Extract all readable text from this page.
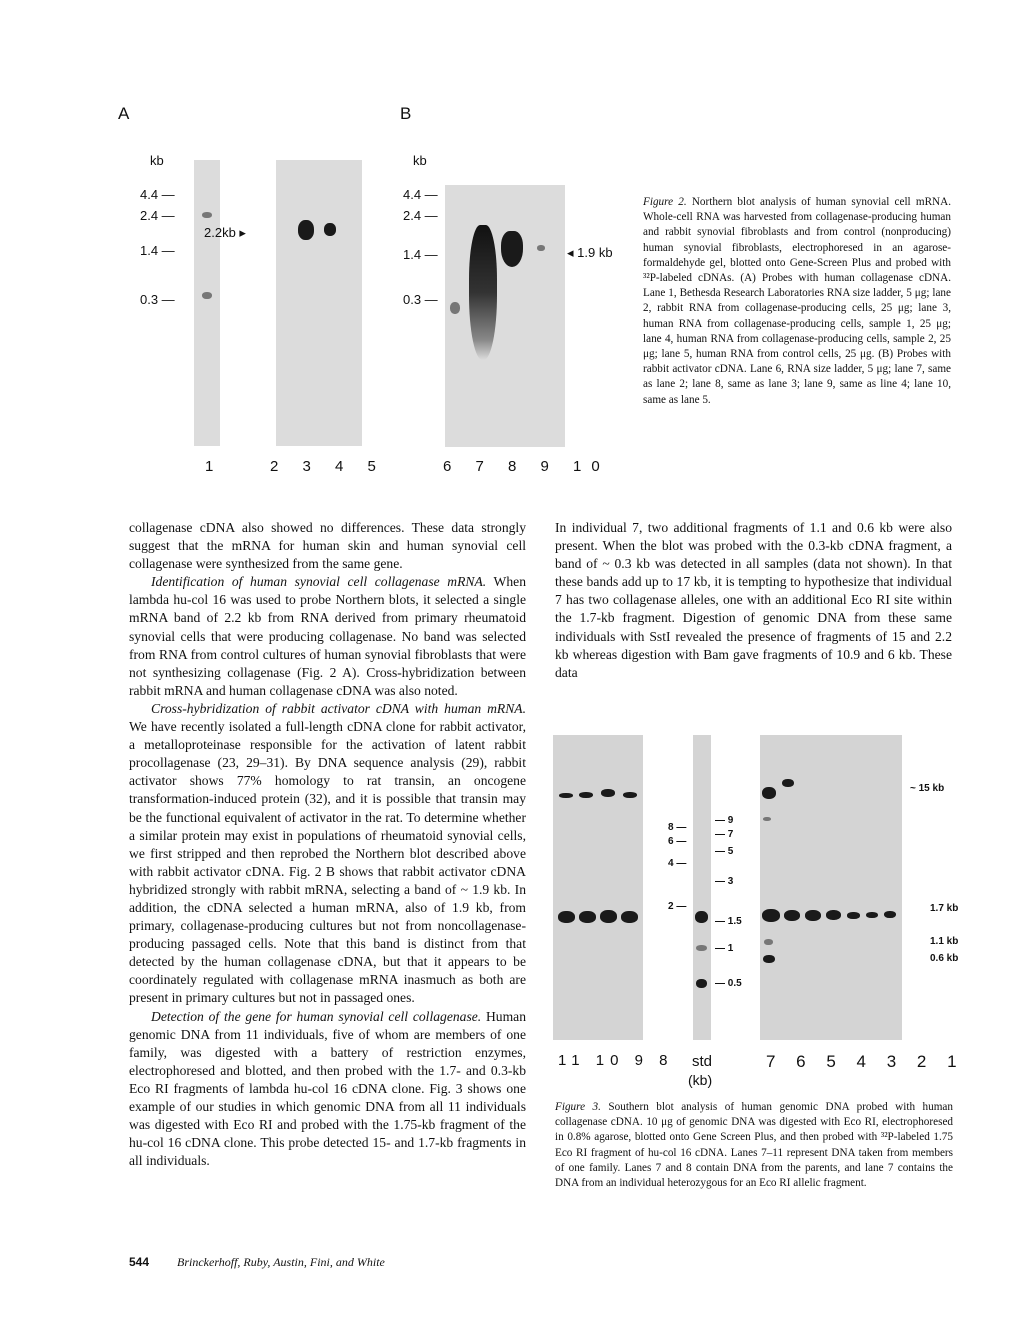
A	B
kb
4.4 —
2.4 —
1.4 —
0.3 —
2.2kb ▸
kb
4.4 —
2.4 —
1.4 —
0.3 —
◂ 1.9 kb
1	2 3 4 5	6 7 8 9 10
Figure 2. Northern blot analysis of human synovial cell mRNA. Whole-cell RNA was harvested from collagenase-producing human and rabbit synovial fibroblasts and from control (nonproducing) human synovial fibroblasts, electrophoresed in an agarose-formaldehyde gel, blotted onto Gene-Screen Plus and probed with ³²P-labeled cDNAs. (A) Probes with human collagenase cDNA. Lane 1, Bethesda Research Laboratories RNA size ladder, 5 μg; lane 2, rabbit RNA from collagenase-producing cells, 25 μg; lane 3, human RNA from collagenase-producing cells, sample 1, 25 μg; lane 4, human RNA from collagenase-producing cells, sample 2, 25 μg; lane 5, human RNA from control cells, 25 μg. (B) Probes with rabbit activator cDNA. Lane 6, RNA size ladder, 5 μg; lane 7, same as lane 2; lane 8, same as lane 3; lane 9, same as line 4; lane 10, same as lane 5.

collagenase cDNA also showed no differences. These data strongly suggest that the mRNA for human skin and human synovial cell collagenase were synthesized from the same gene.

Identification of human synovial cell collagenase mRNA. When lambda hu-col 16 was used to probe Northern blots, it selected a single mRNA band of 2.2 kb from RNA derived from primary rheumatoid synovial cells that were producing collagenase. No band was selected from RNA from control cultures of human synovial fibroblasts that were not synthesizing collagenase (Fig. 2 A). Cross-hybridization between rabbit mRNA and human collagenase cDNA was also noted.

Cross-hybridization of rabbit activator cDNA with human mRNA. We have recently isolated a full-length cDNA clone for rabbit activator, a metalloproteinase responsible for the activation of latent rabbit procollagenase (23, 29–31). By DNA sequence analysis (29), rabbit activator shows 77% homology to rat transin, an oncogene transformation-induced protein (32), and it is possible that transin may be the functional equivalent of activator in the rat. To determine whether a similar protein may exist in populations of rheumatoid synovial cells, we first stripped and then reprobed the Northern blot described above with rabbit activator cDNA. Fig. 2 B shows that rabbit activator cDNA hybridized strongly with rabbit mRNA, selecting a band of ~ 1.9 kb. In addition, the cDNA selected a human mRNA, also of 1.9 kb, from primary, collagenase-producing cultures but not from noncollagenase-producing passaged cells. Note that this band is distinct from that detected by the human collagenase cDNA, but that it appears to be coordinately regulated with collagenase mRNA inasmuch as both are present in primary cultures but not in passaged ones.

Detection of the gene for human synovial cell collagenase. Human genomic DNA from 11 individuals, five of whom are members of one family, was digested with a battery of restriction enzymes, electrophoresed and blotted, and then probed with the 1.7- and 0.3-kb Eco RI fragments of lambda hu-col 16 cDNA clone. Fig. 3 shows one example of our studies in which genomic DNA from all 11 individuals was digested with Eco RI and probed with the 1.75-kb fragment of the hu-col 16 cDNA clone. This probe detected 15- and 1.7-kb fragments in all individuals.

In individual 7, two additional fragments of 1.1 and 0.6 kb were also present. When the blot was probed with the 0.3-kb cDNA fragment, a band of ~ 0.3 kb was detected in all samples (data not shown). In that these bands add up to 17 kb, it is tempting to hypothesize that individual 7 has two collagenase alleles, one with an additional Eco RI site within the 1.7-kb fragment. Digestion of genomic DNA from these same individuals with SstI revealed the presence of fragments of 15 and 2.2 kb whereas digestion with Bam gave fragments of 10.9 and 6 kb. These data

8 —
6 —
4 —
2 —
— 9
— 7
— 5
— 3
— 1.5
— 1
— 0.5
~ 15 kb
1.7 kb
1.1 kb
0.6 kb
11 10 9 8 std
(kb)
7 6 5 4 3 2 1
Figure 3. Southern blot analysis of human genomic DNA probed with human collagenase cDNA. 10 μg of genomic DNA was digested with Eco RI, electrophoresed in 0.8% agarose, blotted onto Gene Screen Plus, and then probed with ³²P-labeled 1.75 Eco RI fragment of hu-col 16 cDNA. Lanes 7–11 represent DNA taken from members of one family. Lanes 7 and 8 contain DNA from the parents, and lane 7 contains the DNA from an individual heterozygous for an Eco RI allelic fragment.
544 Brinckerhoff, Ruby, Austin, Fini, and White
